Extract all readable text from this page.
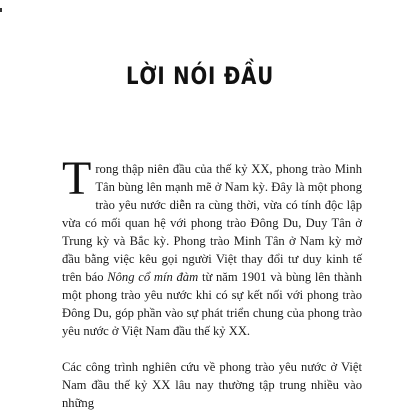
LỜI NÓI ĐẦU

Trong thập niên đầu của thế kỷ XX, phong trào Minh Tân bùng lên mạnh mẽ ở Nam kỳ. Đây là một phong trào yêu nước diễn ra cùng thời, vừa có tính độc lập vừa có mối quan hệ với phong trào Đông Du, Duy Tân ở Trung kỳ và Bắc kỳ. Phong trào Minh Tân ở Nam kỳ mở đầu bằng việc kêu gọi người Việt thay đổi tư duy kinh tế trên báo Nông cổ mín đàm từ năm 1901 và bùng lên thành một phong trào yêu nước khi có sự kết nối với phong trào Đông Du, góp phần vào sự phát triển chung của phong trào yêu nước ở Việt Nam đầu thế kỷ XX.

Các công trình nghiên cứu về phong trào yêu nước ở Việt Nam đầu thế kỷ XX lâu nay thường tập trung nhiều vào những
